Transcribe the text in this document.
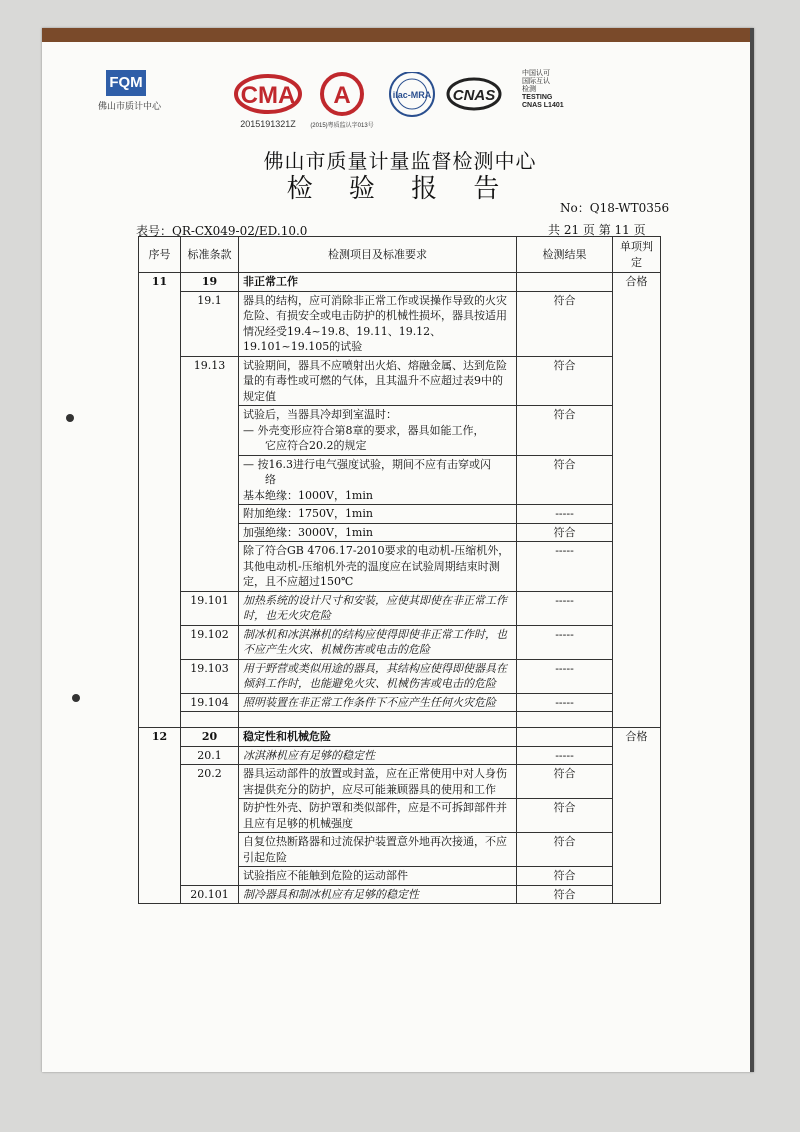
FQM
佛山市质计中心	CMA
2015191321Z
A
(2015)粤质监认字013号
ilac-MRA CNAS
中国认可
国际互认
检测
TESTING
CNAS L1401
佛山市质量计量监督检测中心
检 验 报 告
No：Q18-WT0356
表号：QR-CX049-02/ED.10.0	共 21 页 第 11 页
序号	标准条款	检测项目及标准要求	检测结果	单项判定
11	19	非正常工作		合格
	19.1	器具的结构，应可消除非正常工作或误操作导致的火灾危险、有损安全或电击防护的机械性损坏，器具按适用情况经受19.4~19.8、19.11、19.12、19.101~19.105的试验	符合	
	19.13	试验期间，器具不应喷射出火焰、熔融金属、达到危险量的有毒性或可燃的气体，且其温升不应超过表9中的规定值	符合	

		试验后，当器具冷却到室温时：
— 外壳变形应符合第8章的要求，器具如能工作，
它应符合20.2的规定	符合	

		— 按16.3进行电气强度试验，期间不应有击穿或闪
络
基本绝缘：1000V，1min	符合	
		附加绝缘：1750V，1min	-----	
		加强绝缘：3000V，1min	符合	
		除了符合GB 4706.17-2010要求的电动机-压缩机外，其他电动机-压缩机外壳的温度应在试验周期结束时测定，且不应超过150℃	-----	
	19.101	加热系统的设计尺寸和安装，应使其即使在非正常工作时，也无火灾危险	-----	
	19.102	制冰机和冰淇淋机的结构应使得即使非正常工作时，也不应产生火灾、机械伤害或电击的危险	-----	
	19.103	用于野营或类似用途的器具，其结构应使得即使器具在倾斜工作时，也能避免火灾、机械伤害或电击的危险	-----	
	19.104	照明装置在非正常工作条件下不应产生任何火灾危险	-----	

12	20	稳定性和机械危险		合格
	20.1	冰淇淋机应有足够的稳定性	-----	
	20.2	器具运动部件的放置或封盖，应在正常使用中对人身伤害提供充分的防护，应尽可能兼顾器具的使用和工作	符合	
		防护性外壳、防护罩和类似部件，应是不可拆卸部件并且应有足够的机械强度	符合	
		自复位热断路器和过流保护装置意外地再次接通，不应引起危险	符合	
		试验指应不能触到危险的运动部件	符合	
	20.101	制冷器具和制冰机应有足够的稳定性	符合	
